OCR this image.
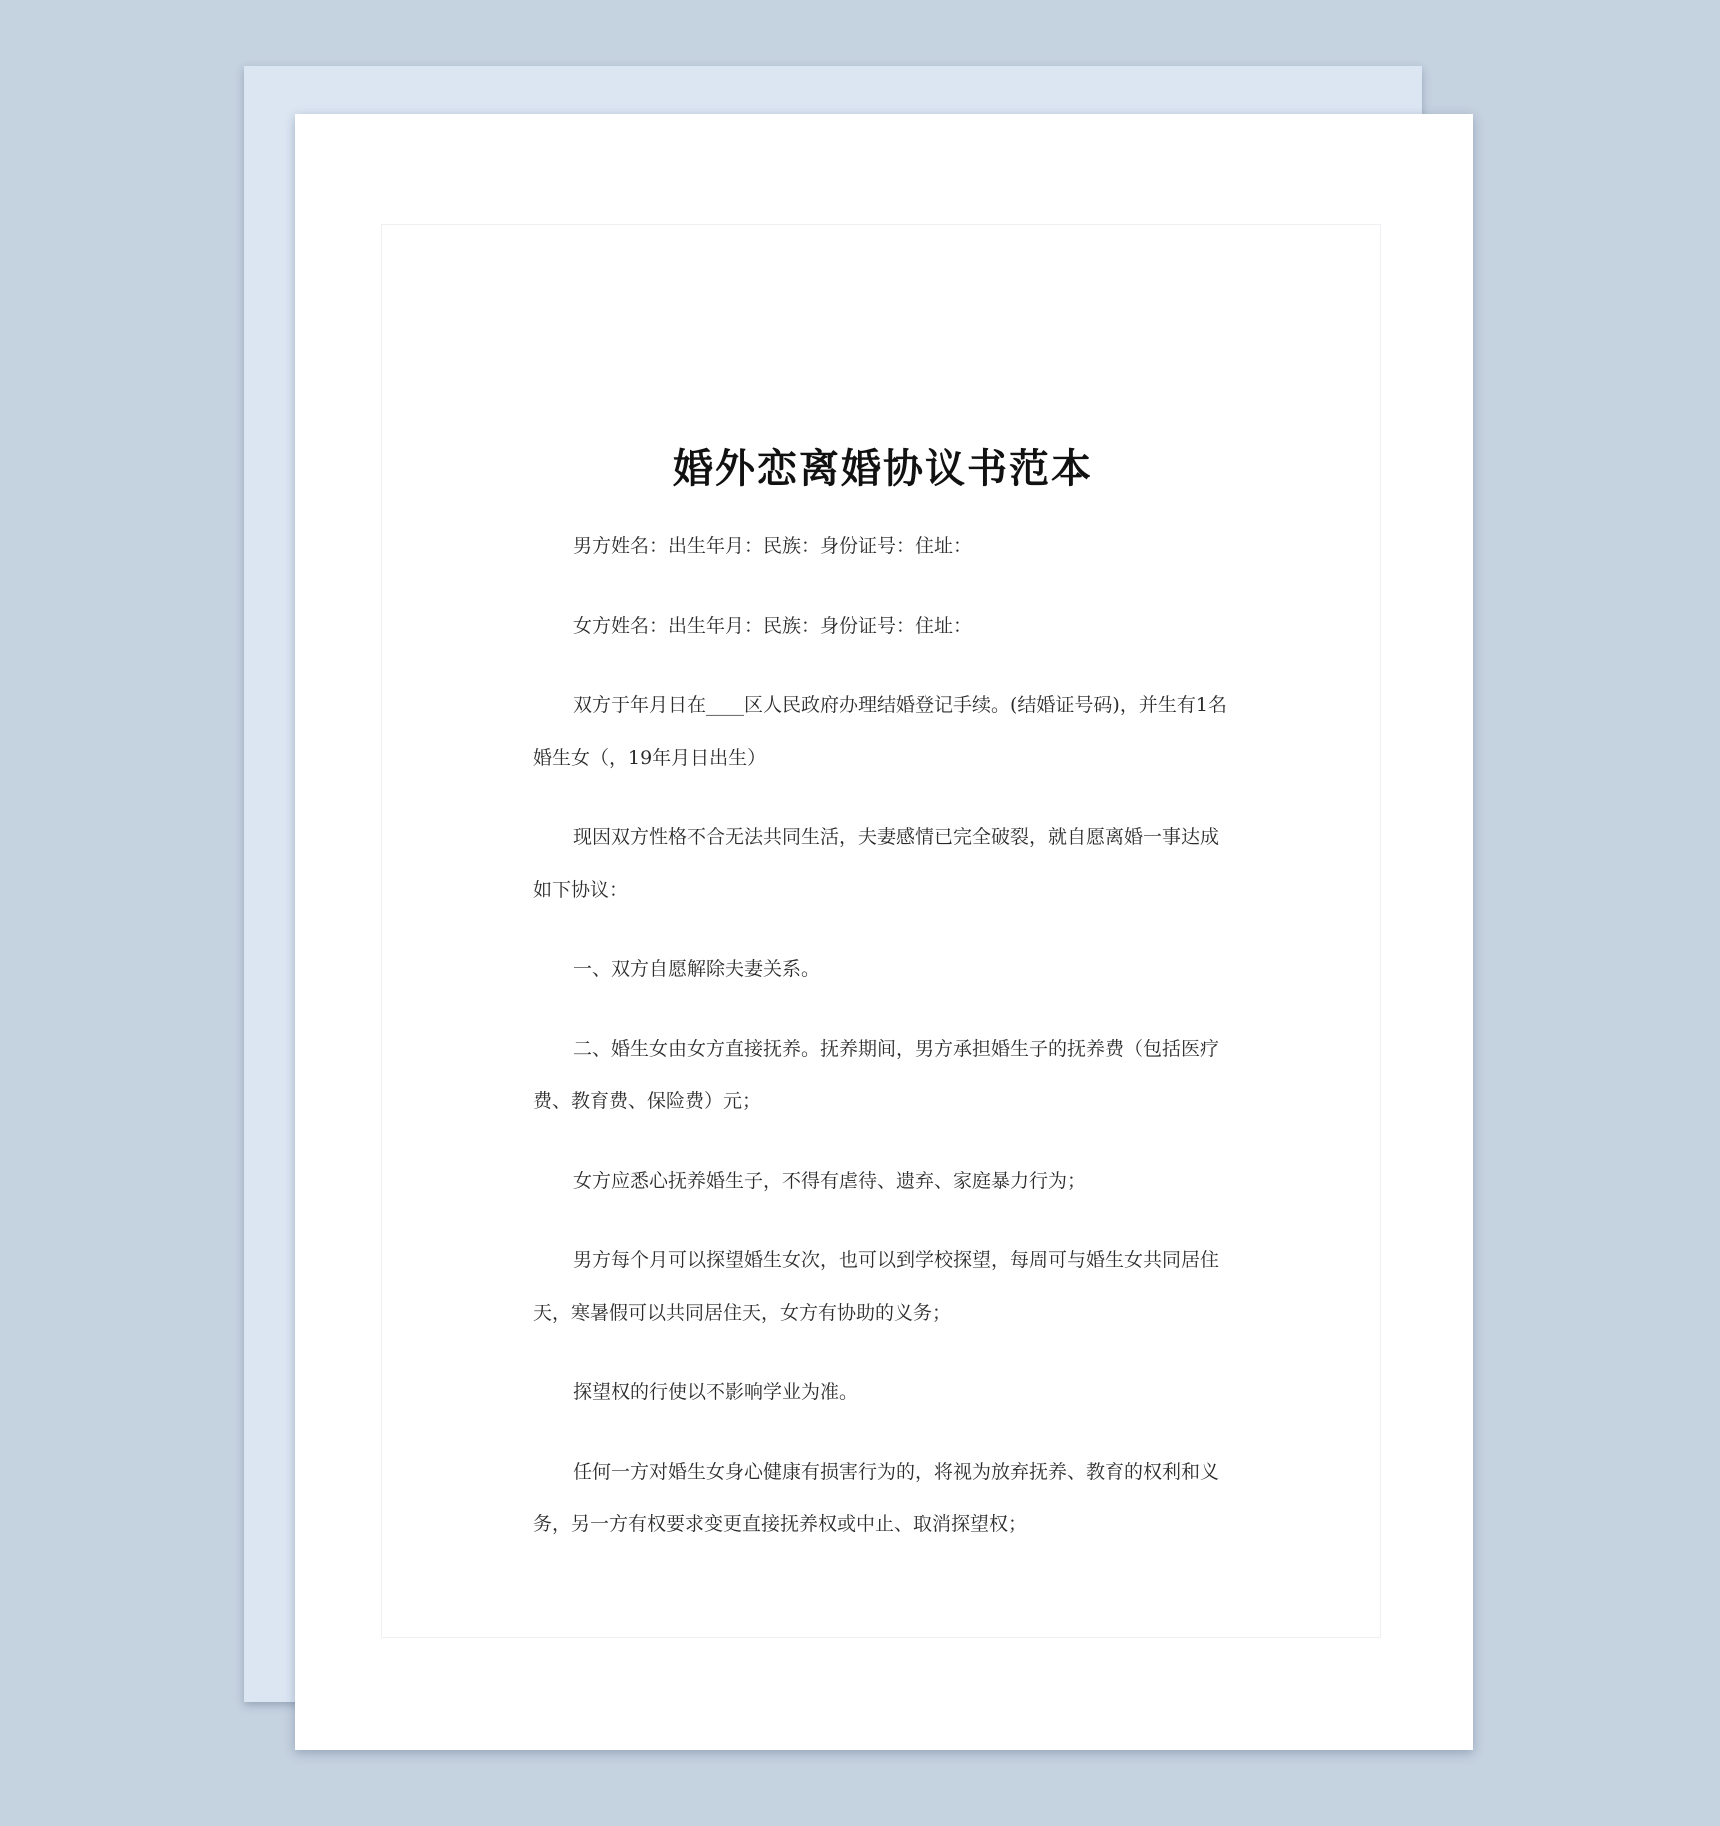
婚外恋离婚协议书范本

男方姓名：出生年月：民族：身份证号：住址：

女方姓名：出生年月：民族：身份证号：住址：

双方于年月日在____区人民政府办理结婚登记手续。(结婚证号码)，并生有1名婚生女（，19年月日出生）

现因双方性格不合无法共同生活，夫妻感情已完全破裂，就自愿离婚一事达成如下协议：

一、双方自愿解除夫妻关系。

二、婚生女由女方直接抚养。抚养期间，男方承担婚生子的抚养费（包括医疗费、教育费、保险费）元；

女方应悉心抚养婚生子，不得有虐待、遗弃、家庭暴力行为；

男方每个月可以探望婚生女次，也可以到学校探望，每周可与婚生女共同居住天，寒暑假可以共同居住天，女方有协助的义务；

探望权的行使以不影响学业为准。

任何一方对婚生女身心健康有损害行为的，将视为放弃抚养、教育的权利和义务，另一方有权要求变更直接抚养权或中止、取消探望权；
